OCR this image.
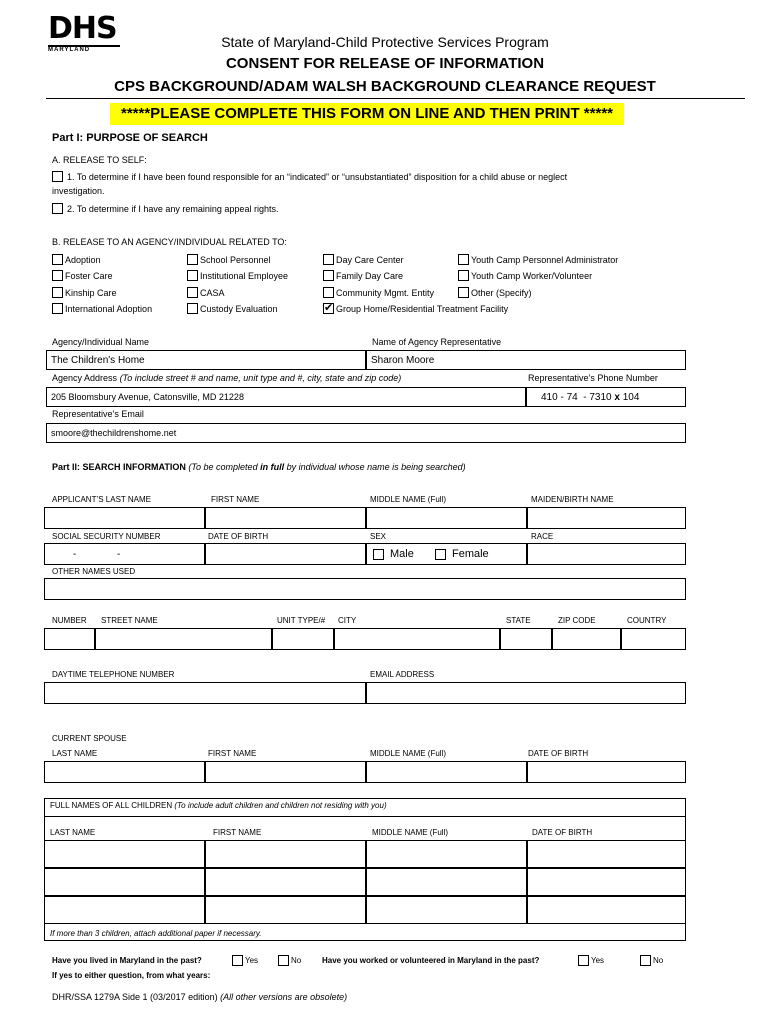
DHS
MARYLAND	State of Maryland-Child Protective Services Program
CONSENT FOR RELEASE OF INFORMATION
CPS BACKGROUND/ADAM WALSH BACKGROUND CLEARANCE REQUEST
*****PLEASE COMPLETE THIS FORM ON LINE AND THEN PRINT *****
Part I: PURPOSE OF SEARCH
A. RELEASE TO SELF:
1. To determine if I have been found responsible for an “indicated” or “unsubstantiated” disposition for a child abuse or neglect
investigation.
2. To determine if I have any remaining appeal rights.
B. RELEASE TO AN AGENCY/INDIVIDUAL RELATED TO:
Adoption	School Personnel	Day Care Center	Youth Camp Personnel Administrator
Foster Care	Institutional Employee	Family Day Care	Youth Camp Worker/Volunteer
Kinship Care	CASA	Community Mgmt. Entity	Other (Specify)
International Adoption	Custody Evaluation
✔	Group Home/Residential Treatment Facility
Agency/Individual Name	Name of Agency Representative
The Children's Home	Sharon Moore
Agency Address (To include street # and name, unit type and #, city, state and zip code)	Representative’s Phone Number
205 Bloomsbury Avenue, Catonsville, MD 21228	410 - 74 - 7310
x
104
Representative’s Email
smoore@thechildrenshome.net
Part II: SEARCH INFORMATION (To be completed in full by individual whose name is being searched)
APPLICANT’S LAST NAME	FIRST NAME	MIDDLE NAME (Full)	MAIDEN/BIRTH NAME
SOCIAL SECURITY NUMBER	DATE OF BIRTH	SEX	RACE
-	-	Male	Female
OTHER NAMES USED
NUMBER STREET NAME	UNIT TYPE/# CITY	STATE	ZIP CODE	COUNTRY
DAYTIME TELEPHONE NUMBER	EMAIL ADDRESS
CURRENT SPOUSE
LAST NAME	FIRST NAME	MIDDLE NAME (Full)	DATE OF BIRTH
FULL NAMES OF ALL CHILDREN (To include adult children and children not residing with you)
LAST NAME	FIRST NAME	MIDDLE NAME (Full)	DATE OF BIRTH
If more than 3 children, attach additional paper if necessary.
Have you lived in Maryland in the past?	Yes	No	Have you worked or volunteered in Maryland in the past?	Yes	No
If yes to either question, from what years:
DHR/SSA 1279A Side 1 (03/2017 edition) (All other versions are obsolete)
